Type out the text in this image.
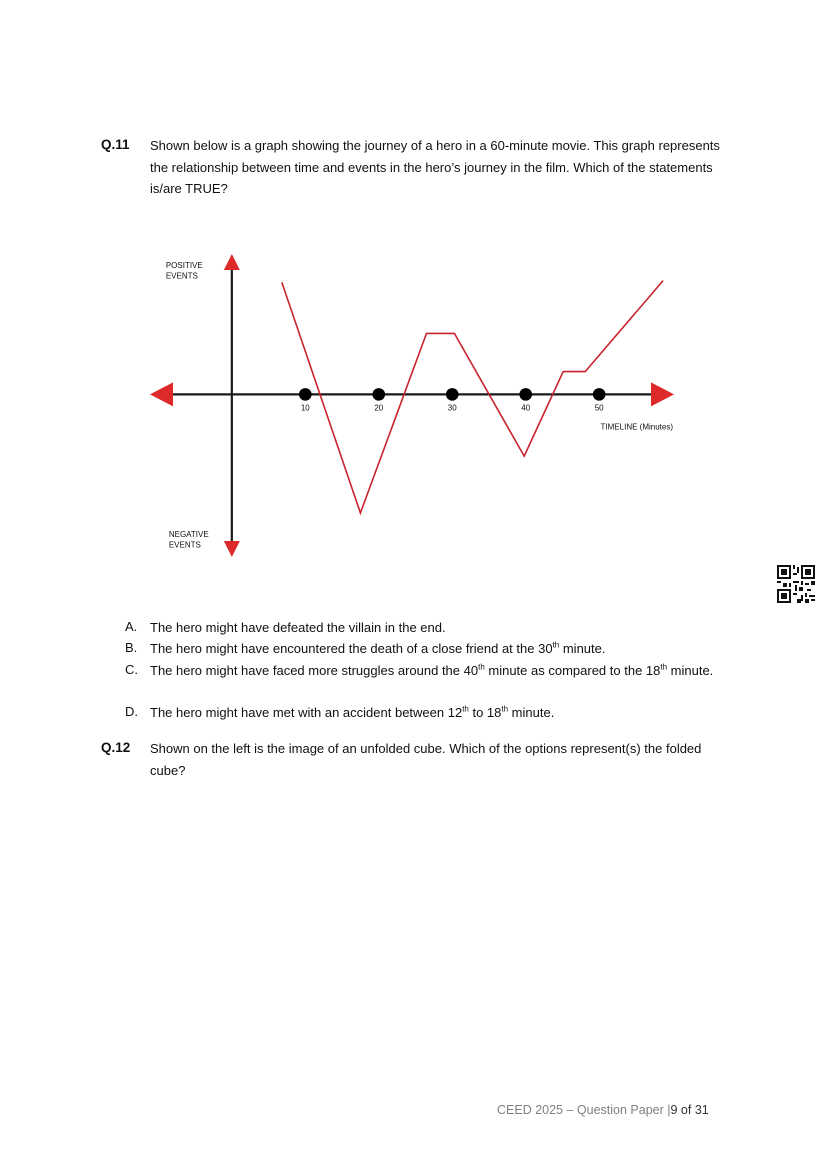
Q.11 Shown below is a graph showing the journey of a hero in a 60-minute movie. This graph represents the relationship between time and events in the hero’s journey in the film. Which of the statements is/are TRUE?
10	20	30	40	50
TIMELINE (Minutes)
POSITIVE EVENTS
NEGATIVE EVENTS
A. The hero might have defeated the villain in the end.
B. The hero might have encountered the death of a close friend at the 30th minute.
C. The hero might have faced more struggles around the 40th minute as compared to the 18th minute.
D. The hero might have met with an accident between 12th to 18th minute.
Q.12 Shown on the left is the image of an unfolded cube. Which of the options represent(s) the folded cube?
CEED 2025 – Question Paper |9 of 31
